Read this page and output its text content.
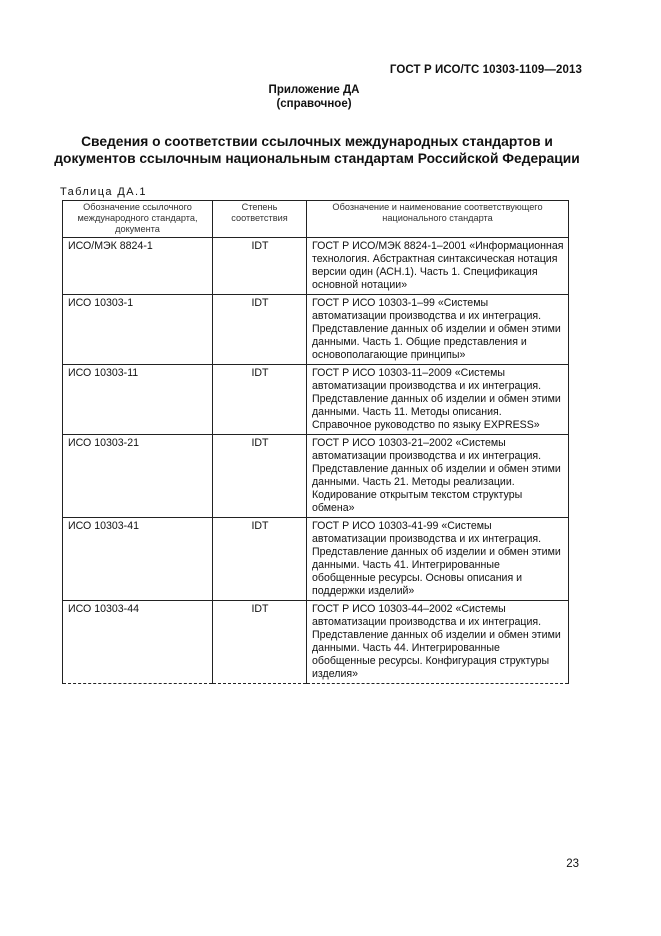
ГОСТ Р ИСО/ТС 10303-1109—2013
Приложение ДА
(справочное)
Сведения о соответствии ссылочных международных стандартов и
документов ссылочным национальным стандартам Российской Федерации
Таблица ДА.1
Обозначение ссылочного международного стандарта, документа	Степень соответствия	Обозначение и наименование соответствующего национального стандарта
ИСО/МЭК 8824-1	IDT	ГОСТ Р ИСО/МЭК 8824-1–2001 «Информационная технология. Абстрактная синтаксическая нотация версии один (АСН.1). Часть 1. Спецификация основной нотации»
ИСО 10303-1	IDT	ГОСТ Р ИСО 10303-1–99 «Системы автоматизации производства и их интеграция. Представление данных об изделии и обмен этими данными. Часть 1. Общие представления и основополагающие принципы»
ИСО 10303-11	IDT	ГОСТ Р ИСО 10303-11–2009 «Системы автоматизации производства и их интеграция. Представление данных об изделии и обмен этими данными. Часть 11. Методы описания. Справочное руководство по языку EXPRESS»
ИСО 10303-21	IDT	ГОСТ Р ИСО 10303-21–2002 «Системы автоматизации производства и их интеграция. Представление данных об изделии и обмен этими данными. Часть 21. Методы реализации. Кодирование открытым текстом структуры обмена»
ИСО 10303-41	IDT	ГОСТ Р ИСО 10303-41-99 «Системы автоматизации производства и их интеграция. Представление данных об изделии и обмен этими данными. Часть 41. Интегрированные обобщенные ресурсы. Основы описания и поддержки изделий»
ИСО 10303-44	IDT	ГОСТ Р ИСО 10303-44–2002 «Системы автоматизации производства и их интеграция. Представление данных об изделии и обмен этими данными. Часть 44. Интегрированные обобщенные ресурсы. Конфигурация структуры изделия»
23
